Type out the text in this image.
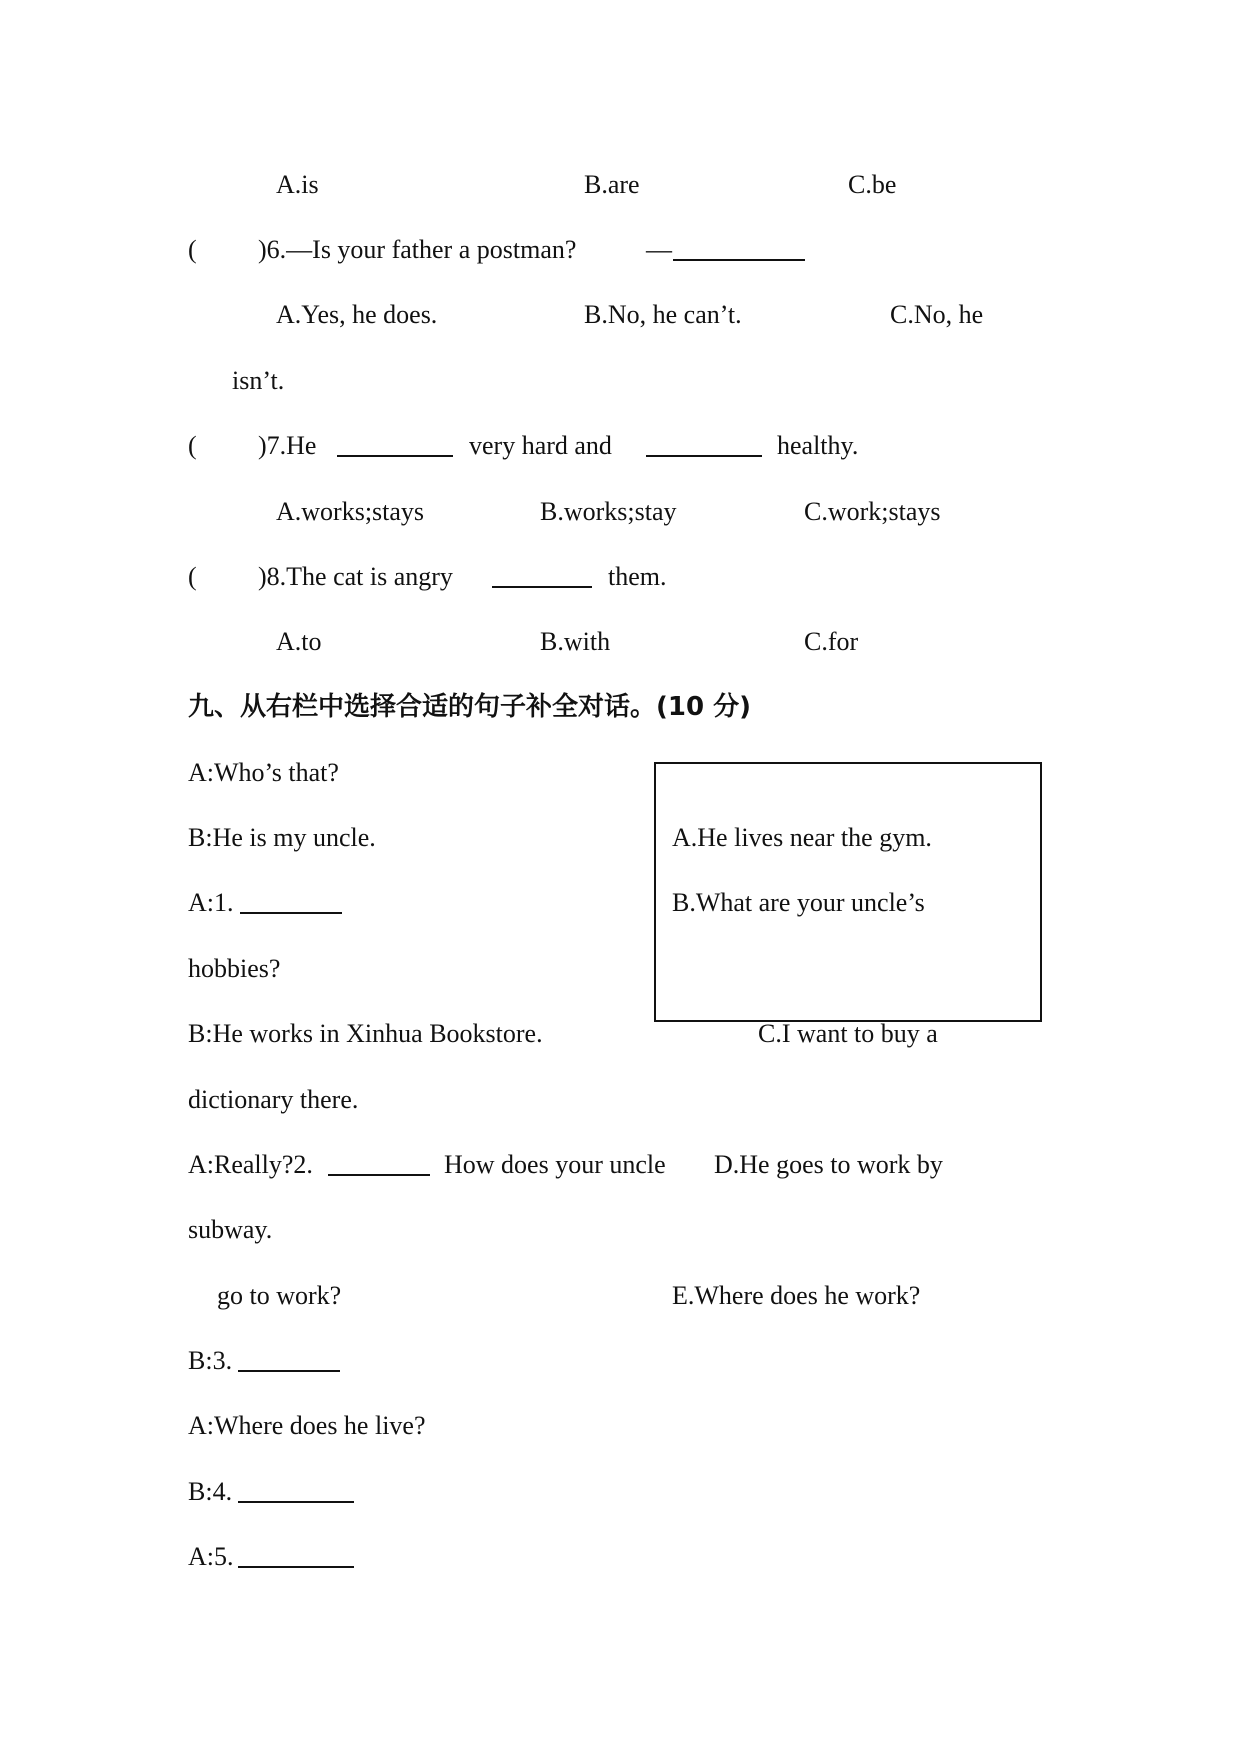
A.is	B.are	C.be
( )6.—Is your father a postman?	—
A.Yes, he does.	B.No, he can’t.	C.No, he
isn’t.
( )7.He	very hard and	healthy.
A.works;stays	B.works;stay	C.work;stays
( )8.The cat is angry	them.
A.to	B.with	C.for
九、从右栏中选择合适的句子补全对话。(10 分)
A:Who’s that?
B:He is my uncle.	A.He lives near the gym.
A:1.	B.What are your uncle’s
hobbies?
B:He works in Xinhua Bookstore.	C.I want to buy a
dictionary there.
A:Really?2.	How does your uncle D.He goes to work by
subway.
go to work?	E.Where does he work?
B:3.
A:Where does he live?
B:4.
A:5.
